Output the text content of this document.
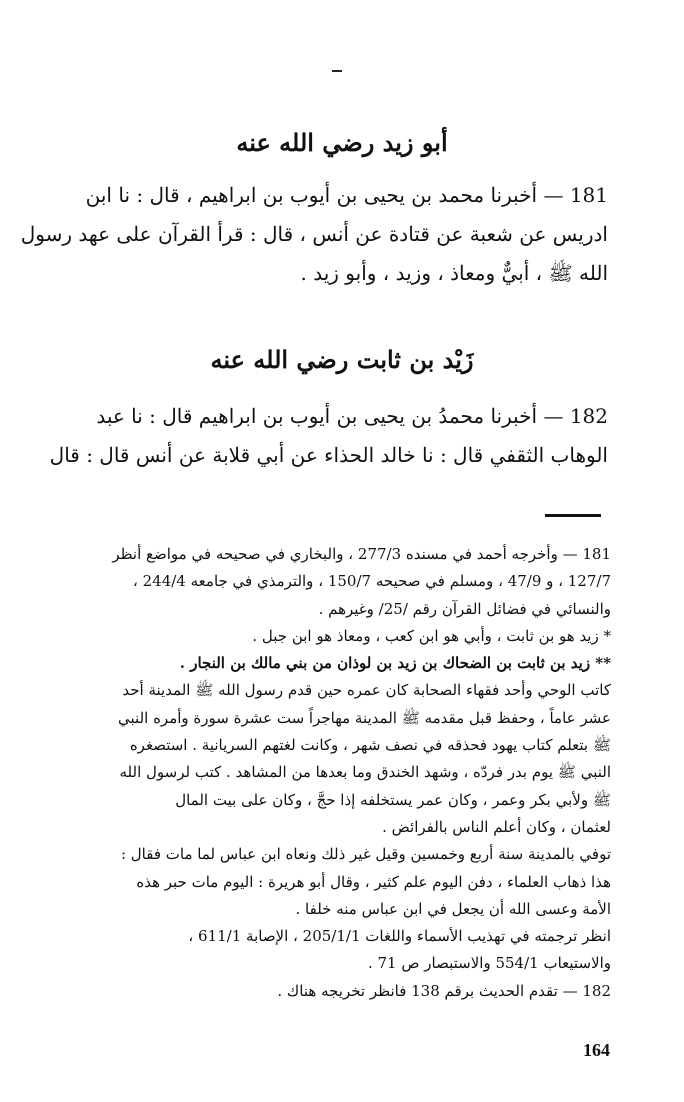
أبو زيد رضي الله عنه
181 — أخبرنا محمد بن يحيى بن أيوب بن ابراهيم ، قال : نا ابن
ادريس عن شعبة عن قتادة عن أنس ، قال : قرأ القرآن على عهد رسول
الله ﷺ ، أبيٌّ ومعاذ ، وزيد ، وأبو زيد .
زَيْد بن ثابت رضي الله عنه
182 — أخبرنا محمدُ بن يحيى بن أيوب بن ابراهيم قال : نا عبد
الوهاب الثقفي قال : نا خالد الحذاء عن أبي قلابة عن أنس قال : قال
181 — وأخرجه أحمد في مسنده 277/3 ، والبخاري في صحيحه في مواضع أنظر
127/7 ، و 47/9 ، ومسلم في صحيحه 150/7 ، والترمذي في جامعه 244/4 ،
والنسائي في فضائل القرآن رقم /25/ وغيرهم .
* زيد هو بن ثابت ، وأبي هو ابن كعب ، ومعاذ هو ابن جبل .
** زيد بن ثابت بن الضحاك بن زيد بن لوذان من بني مالك بن النجار .
كاتب الوحي وأحد فقهاء الصحابة كان عمره حين قدم رسول الله ﷺ المدينة أحد
عشر عاماً ، وحفظ قبل مقدمه ﷺ المدينة مهاجراً ست عشرة سورة وأمره النبي
ﷺ بتعلم كتاب يهود فحذقه في نصف شهر ، وكانت لغتهم السريانية . استصغره
النبي ﷺ يوم بدر فردّه ، وشهد الخندق وما بعدها من المشاهد . كتب لرسول الله
ﷺ ولأبي بكر وعمر ، وكان عمر يستخلفه إذا حجَّ ، وكان على بيت المال
لعثمان ، وكان أعلم الناس بالفرائض .
توفي بالمدينة سنة أربع وخمسين وقيل غير ذلك ونعاه ابن عباس لما مات فقال :
هذا ذهاب العلماء ، دفن اليوم علم كثير ، وقال أبو هريرة : اليوم مات حبر هذه
الأمة وعسى الله أن يجعل في ابن عباس منه خلفا .
انظر ترجمته في تهذيب الأسماء واللغات 205/1/1 ، الإصابة 611/1 ،
والاستيعاب 554/1 والاستبصار ص 71 .
182 — تقدم الحديث برقم 138 فانظر تخريجه هناك .
164
